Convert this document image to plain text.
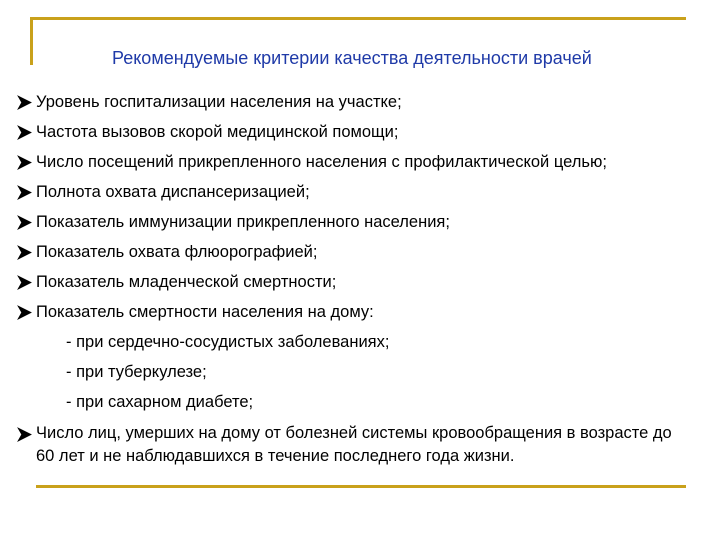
Рекомендуемые критерии качества деятельности врачей
Уровень госпитализации населения на участке;
Частота вызовов скорой медицинской помощи;
Число посещений прикрепленного населения с профилактической целью;
Полнота охвата диспансеризацией;
Показатель иммунизации прикрепленного населения;
Показатель охвата флюорографией;
Показатель младенческой смертности;
Показатель смертности населения на дому:
- при сердечно-сосудистых заболеваниях;
- при туберкулезе;
- при сахарном диабете;
Число лиц, умерших на дому от болезней системы кровообращения в возрасте до 60 лет и не наблюдавшихся в течение последнего года жизни.
